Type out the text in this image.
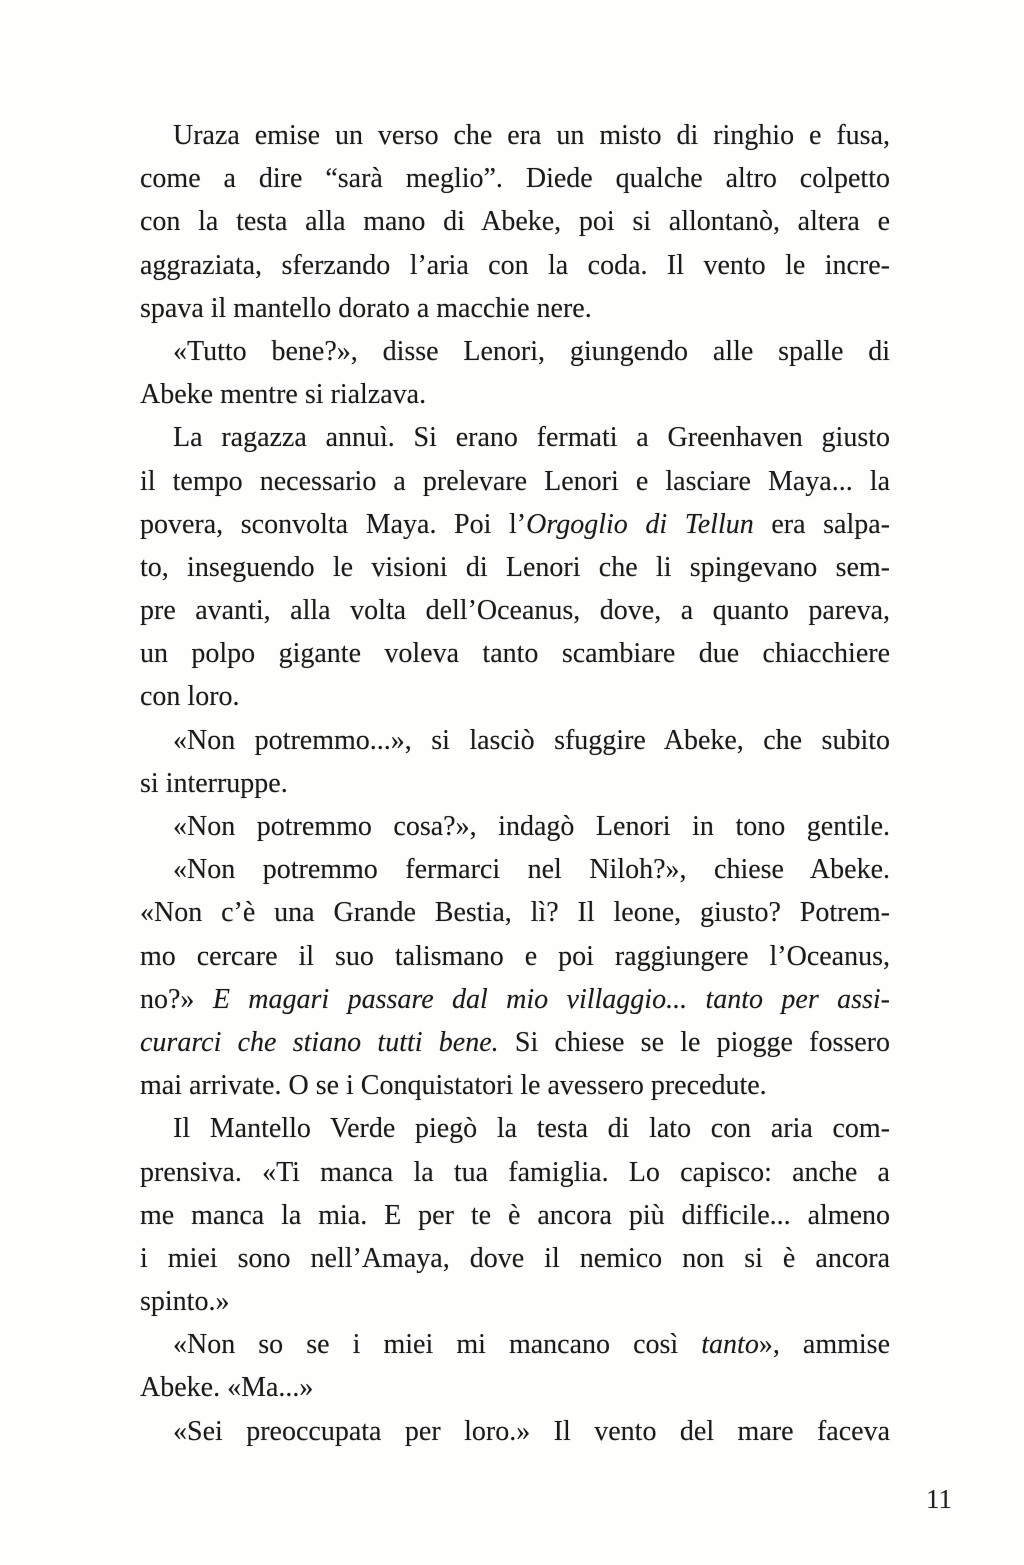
Uraza emise un verso che era un misto di ringhio e fusa,
come a dire “sarà meglio”. Diede qualche altro colpetto
con la testa alla mano di Abeke, poi si allontanò, altera e
aggraziata, sferzando l’aria con la coda. Il vento le incre-
spava il mantello dorato a macchie nere.
«Tutto bene?», disse Lenori, giungendo alle spalle di
Abeke mentre si rialzava.
La ragazza annuì. Si erano fermati a Greenhaven giusto
il tempo necessario a prelevare Lenori e lasciare Maya... la
povera, sconvolta Maya. Poi l’Orgoglio di Tellun era salpa-
to, inseguendo le visioni di Lenori che li spingevano sem-
pre avanti, alla volta dell’Oceanus, dove, a quanto pareva,
un polpo gigante voleva tanto scambiare due chiacchiere
con loro.
«Non potremmo...», si lasciò sfuggire Abeke, che subito
si interruppe.
«Non potremmo cosa?», indagò Lenori in tono gentile.
«Non potremmo fermarci nel Niloh?», chiese Abeke.
«Non c’è una Grande Bestia, lì? Il leone, giusto? Potrem-
mo cercare il suo talismano e poi raggiungere l’Oceanus,
no?» E magari passare dal mio villaggio... tanto per assi-
curarci che stiano tutti bene. Si chiese se le piogge fossero
mai arrivate. O se i Conquistatori le avessero precedute.
Il Mantello Verde piegò la testa di lato con aria com-
prensiva. «Ti manca la tua famiglia. Lo capisco: anche a
me manca la mia. E per te è ancora più difficile... almeno
i miei sono nell’Amaya, dove il nemico non si è ancora
spinto.»
«Non so se i miei mi mancano così tanto», ammise
Abeke. «Ma...»
«Sei preoccupata per loro.» Il vento del mare faceva
11
